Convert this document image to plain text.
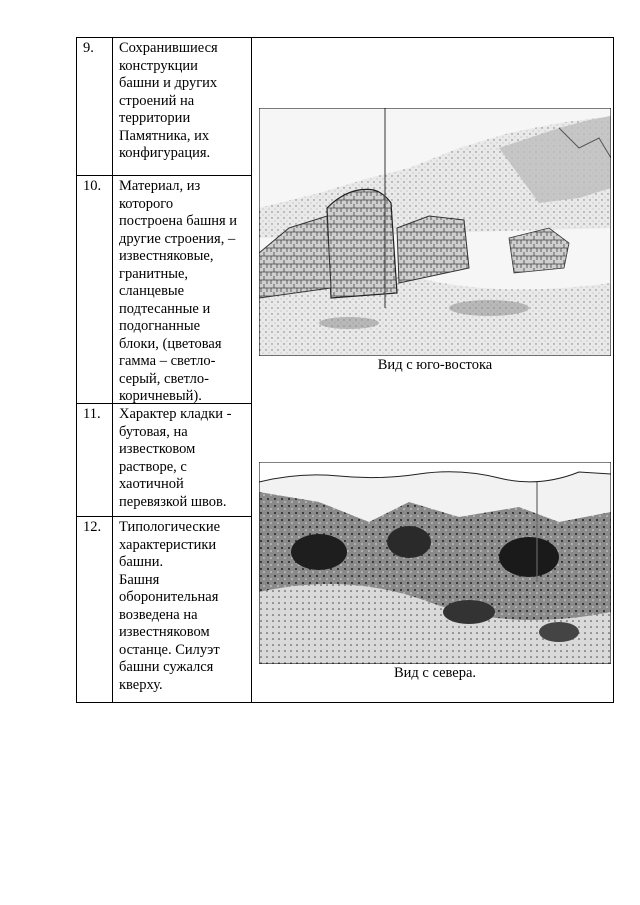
9. Сохранившиеся
конструкции
башни и других
строений на
территории
Памятника, их
конфигурация.
10. Материал, из
которого
построена башня и
другие строения, –
известняковые,
гранитные,
сланцевые
подтесанные и
подогнанные
блоки, (цветовая
гамма – светло-
серый, светло-
коричневый).
11. Характер кладки -
бутовая, на
известковом
растворе, с
хаотичной
перевязкой швов.
12. Типологические
характеристики
башни.
Башня
оборонительная
возведена на
известняковом
останце. Силуэт
башни сужался
кверху.
Вид с юго-востока
Вид с севера.
